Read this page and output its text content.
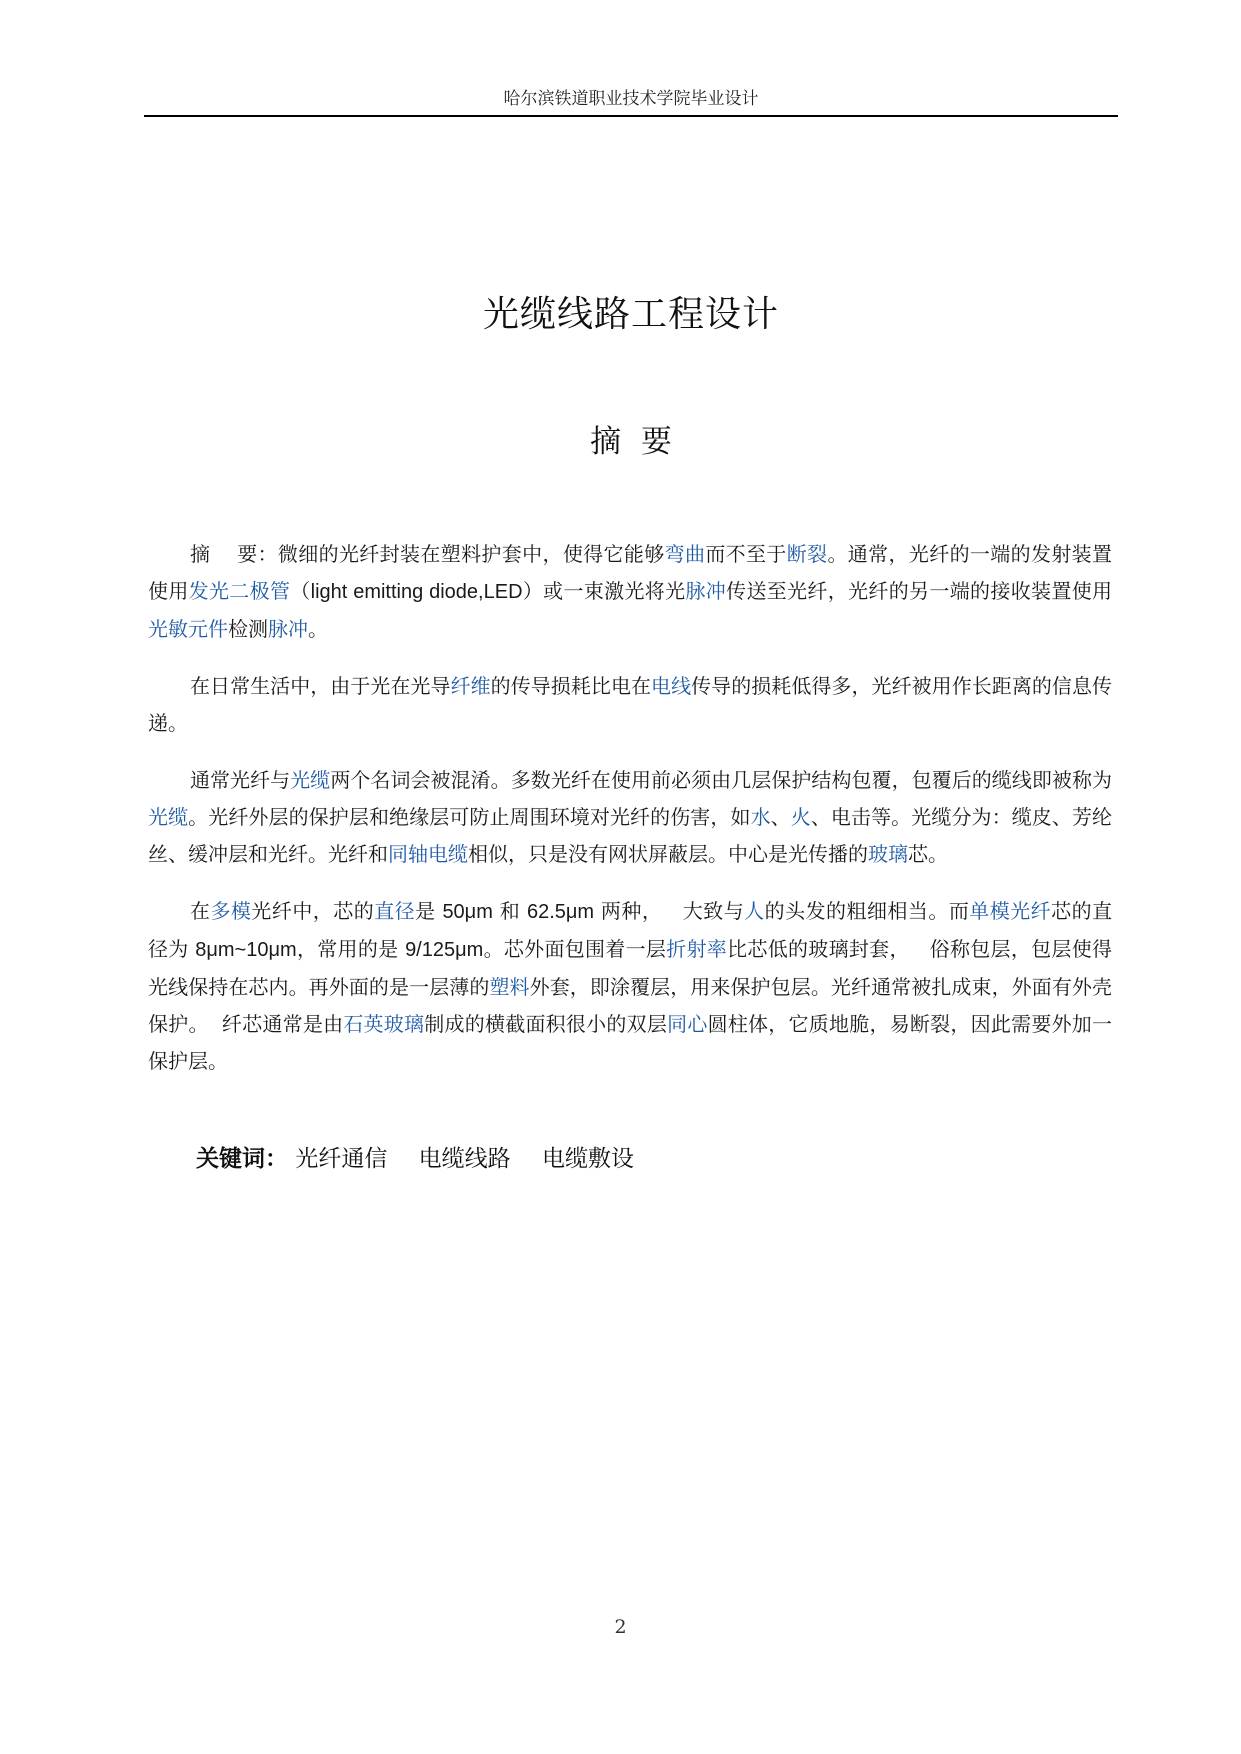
哈尔滨铁道职业技术学院毕业设计
光缆线路工程设计
摘  要

摘    要：微细的光纤封装在塑料护套中，使得它能够弯曲而不至于断裂。通常，光纤的一端的发射装置使用发光二极管（light emitting diode,LED）或一束激光将光脉冲传送至光纤，光纤的另一端的接收装置使用光敏元件检测脉冲。

在日常生活中，由于光在光导纤维的传导损耗比电在电线传导的损耗低得多，光纤被用作长距离的信息传递。

通常光纤与光缆两个名词会被混淆。多数光纤在使用前必须由几层保护结构包覆，包覆后的缆线即被称为光缆。光纤外层的保护层和绝缘层可防止周围环境对光纤的伤害，如水、火、电击等。光缆分为：缆皮、芳纶丝、缓冲层和光纤。光纤和同轴电缆相似，只是没有网状屏蔽层。中心是光传播的玻璃芯。

在多模光纤中，芯的直径是 50μm 和 62.5μm 两种，   大致与人的头发的粗细相当。而单模光纤芯的直径为 8μm~10μm，常用的是 9/125μm。芯外面包围着一层折射率比芯低的玻璃封套，   俗称包层，包层使得光线保持在芯内。再外面的是一层薄的塑料外套，即涂覆层，用来保护包层。光纤通常被扎成束，外面有外壳保护。  纤芯通常是由石英玻璃制成的横截面积很小的双层同心圆柱体，它质地脆，易断裂，因此需要外加一保护层。

关键词： 光纤通信 电缆线路 电缆敷设
2
